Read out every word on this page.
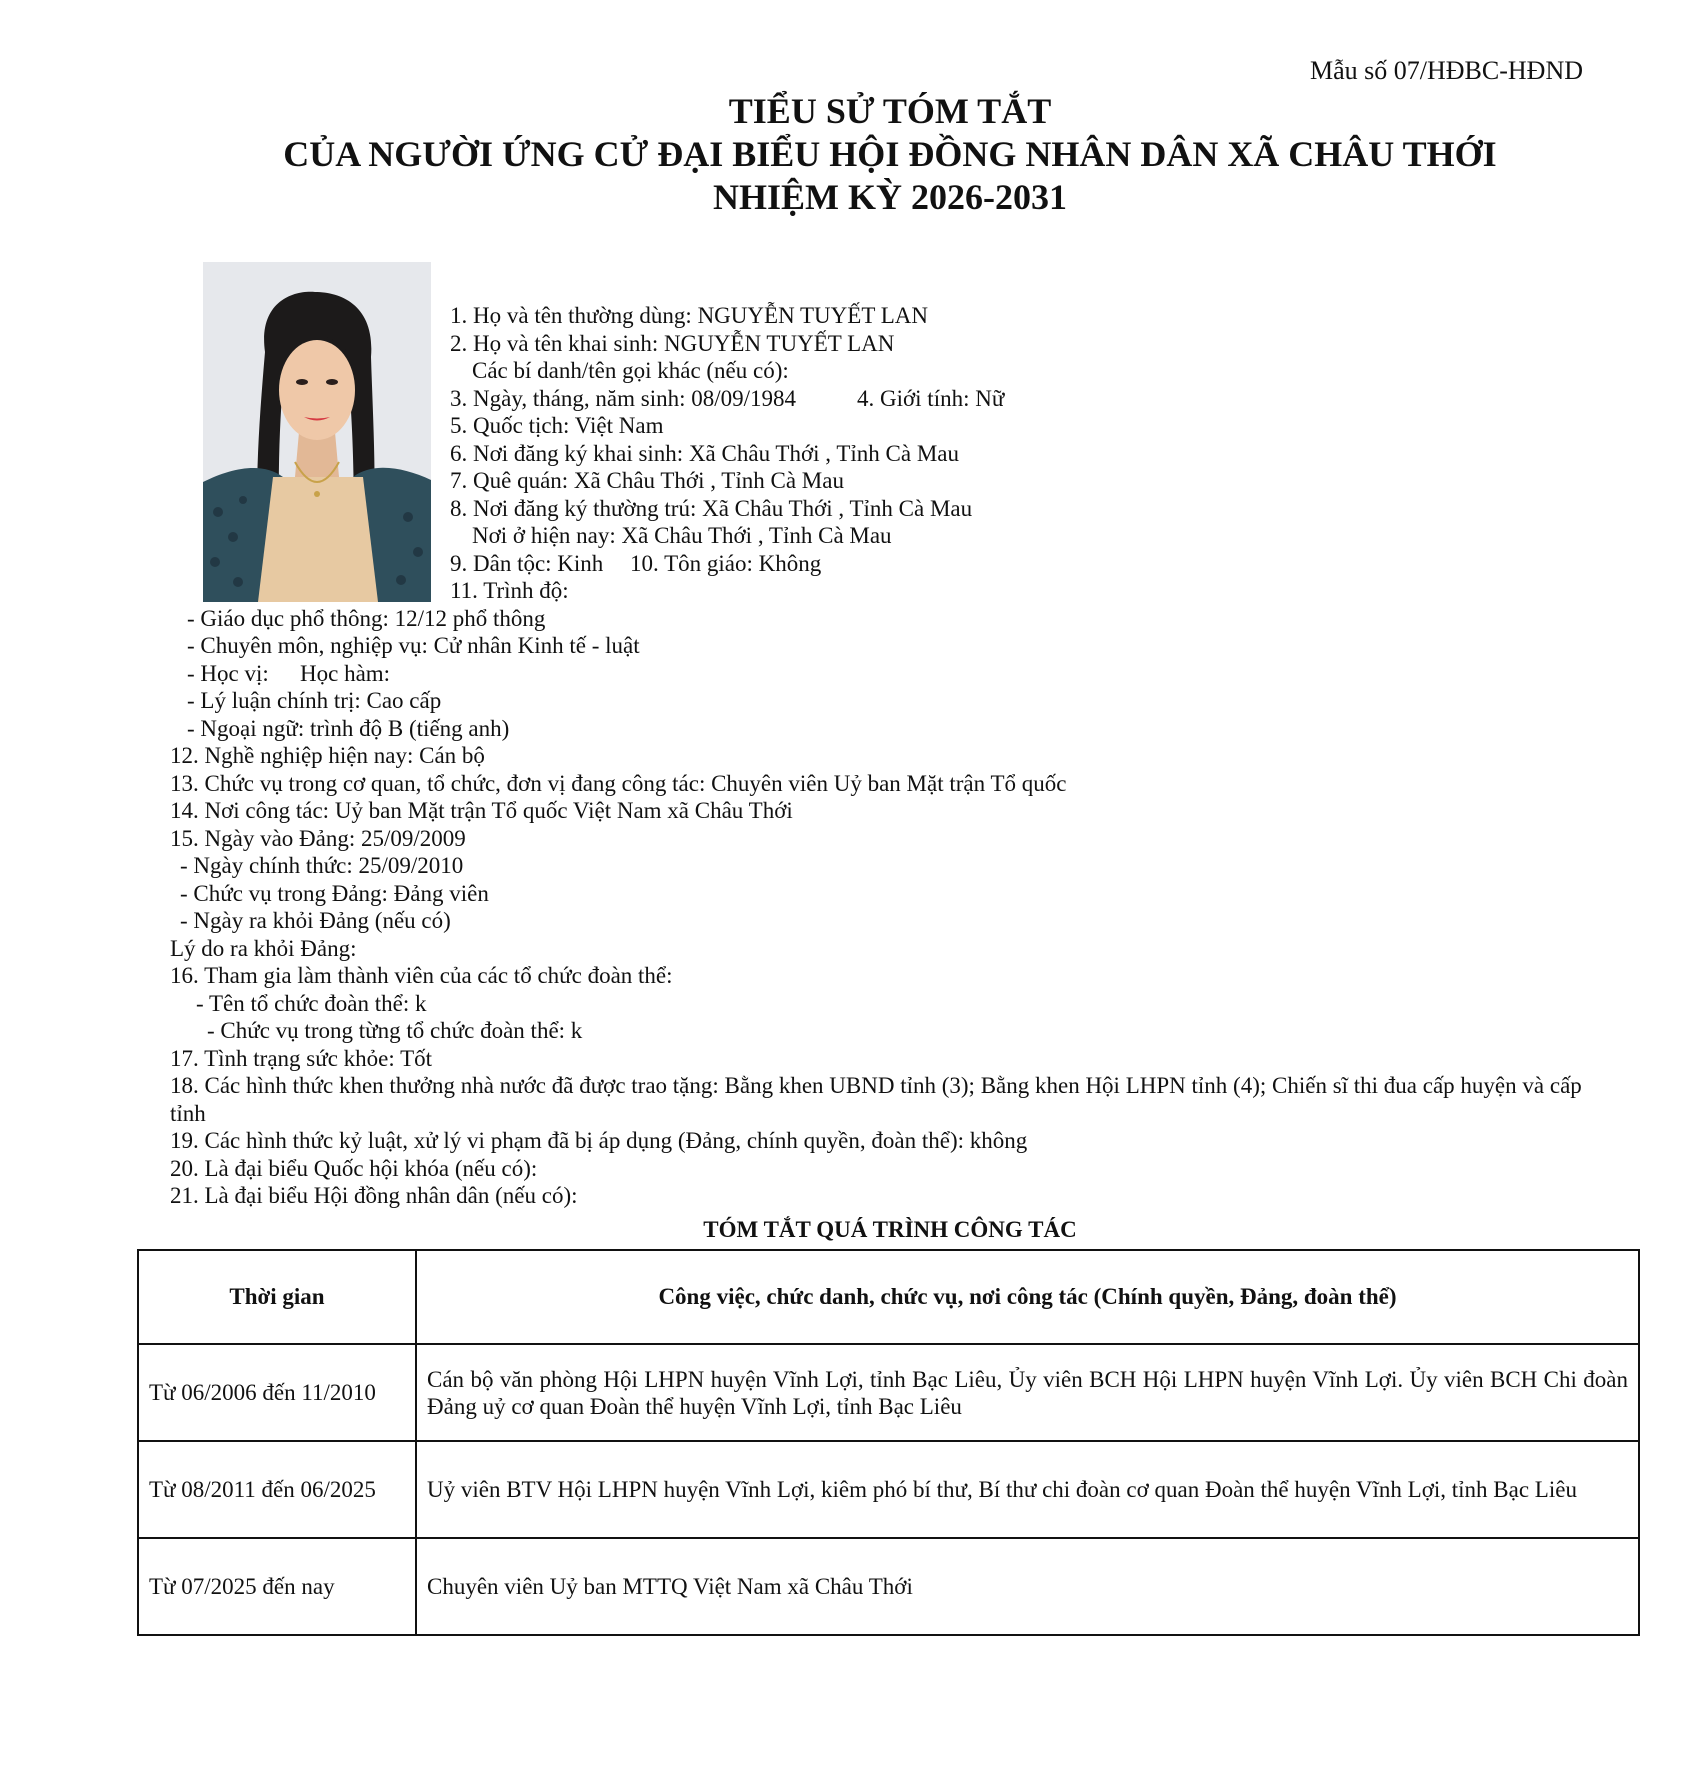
Mẫu số 07/HĐBC-HĐND
TIỂU SỬ TÓM TẮT
CỦA NGƯỜI ỨNG CỬ ĐẠI BIỂU HỘI ĐỒNG NHÂN DÂN XÃ CHÂU THỚI
NHIỆM KỲ 2026-2031
1. Họ và tên thường dùng: NGUYỄN TUYẾT LAN
2. Họ và tên khai sinh: NGUYỄN TUYẾT LAN
Các bí danh/tên gọi khác (nếu có):
3. Ngày, tháng, năm sinh: 08/09/1984	4. Giới tính: Nữ
5. Quốc tịch: Việt Nam
6. Nơi đăng ký khai sinh: Xã Châu Thới , Tỉnh Cà Mau
7. Quê quán: Xã Châu Thới , Tỉnh Cà Mau
8. Nơi đăng ký thường trú: Xã Châu Thới , Tỉnh Cà Mau
Nơi ở hiện nay: Xã Châu Thới , Tỉnh Cà Mau
9. Dân tộc: Kinh 10. Tôn giáo: Không
11. Trình độ:
- Giáo dục phổ thông: 12/12 phổ thông
- Chuyên môn, nghiệp vụ: Cử nhân Kinh tế - luật
- Học vị: Học hàm:
- Lý luận chính trị: Cao cấp
- Ngoại ngữ: trình độ B (tiếng anh)
12. Nghề nghiệp hiện nay: Cán bộ
13. Chức vụ trong cơ quan, tổ chức, đơn vị đang công tác: Chuyên viên Uỷ ban Mặt trận Tổ quốc
14. Nơi công tác: Uỷ ban Mặt trận Tổ quốc Việt Nam xã Châu Thới
15. Ngày vào Đảng: 25/09/2009
- Ngày chính thức: 25/09/2010
- Chức vụ trong Đảng: Đảng viên
- Ngày ra khỏi Đảng (nếu có)
Lý do ra khỏi Đảng:
16. Tham gia làm thành viên của các tổ chức đoàn thể:
- Tên tổ chức đoàn thể: k
- Chức vụ trong từng tổ chức đoàn thể: k
17. Tình trạng sức khỏe: Tốt
18. Các hình thức khen thưởng nhà nước đã được trao tặng: Bằng khen UBND tỉnh (3); Bằng khen Hội LHPN tỉnh (4); Chiến sĩ thi đua cấp huyện và cấp
tỉnh
19. Các hình thức kỷ luật, xử lý vi phạm đã bị áp dụng (Đảng, chính quyền, đoàn thể): không
20. Là đại biểu Quốc hội khóa (nếu có):
21. Là đại biểu Hội đồng nhân dân (nếu có):
TÓM TẮT QUÁ TRÌNH CÔNG TÁC
Thời gian	Công việc, chức danh, chức vụ, nơi công tác (Chính quyền, Đảng, đoàn thể)
Từ 06/2006 đến 11/2010	Cán bộ văn phòng Hội LHPN huyện Vĩnh Lợi, tỉnh Bạc Liêu, Ủy viên BCH Hội LHPN huyện Vĩnh Lợi. Ủy viên BCH Chi đoàn Đảng uỷ cơ quan Đoàn thể huyện Vĩnh Lợi, tỉnh Bạc Liêu
Từ 08/2011 đến 06/2025	Uỷ viên BTV Hội LHPN huyện Vĩnh Lợi, kiêm phó bí thư, Bí thư chi đoàn cơ quan Đoàn thể huyện Vĩnh Lợi, tỉnh Bạc Liêu
Từ 07/2025 đến nay	Chuyên viên Uỷ ban MTTQ Việt Nam xã Châu Thới
